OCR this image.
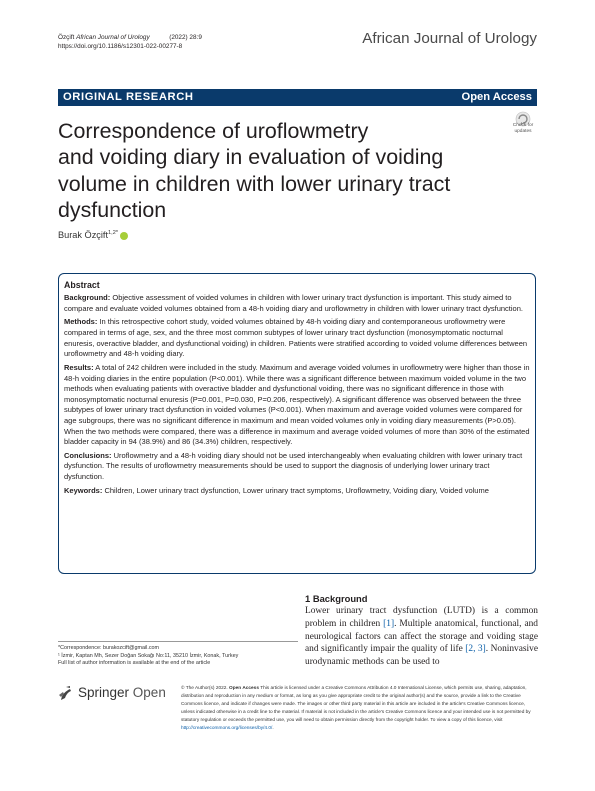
Özçift African Journal of Urology	(2022) 28:9
https://doi.org/10.1186/s12301-022-00277-8	African Journal of Urology
ORIGINAL RESEARCH	Open Access
Correspondence of uroflowmetry
and voiding diary in evaluation of voiding
volume in children with lower urinary tract
dysfunction
Check for
updates
Burak Özçift$^{1,2*}$
Abstract

Background: Objective assessment of voided volumes in children with lower urinary tract dysfunction is important. This study aimed to compare and evaluate voided volumes obtained from a 48-h voiding diary and uroflowmetry in children with lower urinary tract dysfunction.

Methods: In this retrospective cohort study, voided volumes obtained by 48-h voiding diary and contemporaneous uroflowmetry were compared in terms of age, sex, and the three most common subtypes of lower urinary tract dysfunction (monosymptomatic nocturnal enuresis, overactive bladder, and dysfunctional voiding) in children. Patients were stratified according to voided volume differences between uroflowmetry and 48-h voiding diary.

Results: A total of 242 children were included in the study. Maximum and average voided volumes in uroflowmetry were higher than those in 48-h voiding diaries in the entire population (P<0.001). While there was a significant difference between maximum voided volume in the two methods when evaluating patients with overactive bladder and dysfunctional voiding, there was no significant difference in those with monosymptomatic nocturnal enuresis (P=0.001, P=0.030, P=0.206, respectively). A significant difference was observed between the three subtypes of lower urinary tract dysfunction in voided volumes (P<0.001). When maximum and average voided volumes were compared for age subgroups, there was no significant difference in maximum and mean voided volumes only in voiding diary measurements (P>0.05). When the two methods were compared, there was a difference in maximum and average voided volumes of more than 30% of the estimated bladder capacity in 94 (38.9%) and 86 (34.3%) children, respectively.

Conclusions: Uroflowmetry and a 48-h voiding diary should not be used interchangeably when evaluating children with lower urinary tract dysfunction. The results of uroflowmetry measurements should be used to support the diagnosis of underlying lower urinary tract dysfunction.

Keywords: Children, Lower urinary tract dysfunction, Lower urinary tract symptoms, Uroflowmetry, Voiding diary, Voided volume

1 Background
Lower urinary tract dysfunction (LUTD) is a common problem in children [1]. Multiple anatomical, functional, and neurological factors can affect the storage and voiding stage and significantly impair the quality of life [2, 3]. Noninvasive urodynamic methods can be used to
*Correspondence: burakozcift@gmail.com
¹ İzmir, Kaptan Mh, Sezer Doğan Sokağı No:11, 35210 İzmir, Konak, Turkey
Full list of author information is available at the end of the article
Springer Open	© The Author(s) 2022. Open Access This article is licensed under a Creative Commons Attribution 4.0 International License, which permits use, sharing, adaptation, distribution and reproduction in any medium or format, as long as you give appropriate credit to the original author(s) and the source, provide a link to the Creative Commons licence, and indicate if changes were made. The images or other third party material in this article are included in the article's Creative Commons licence, unless indicated otherwise in a credit line to the material. If material is not included in the article's Creative Commons licence and your intended use is not permitted by statutory regulation or exceeds the permitted use, you will need to obtain permission directly from the copyright holder. To view a copy of this licence, visit http://creativecommons.org/licenses/by/4.0/.
